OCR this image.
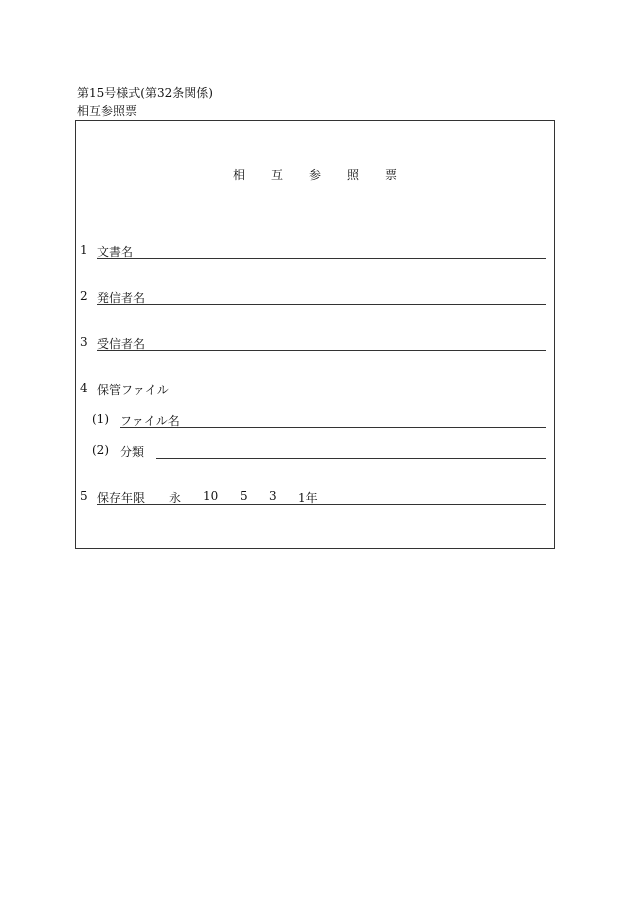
第15号様式(第32条関係)
相互参照票
相互参照票
1 文書名
2 発信者名
3 受信者名
4 保管ファイル
(1) ファイル名
(2) 分類
5 保存年限 永 10 5 3 1年
